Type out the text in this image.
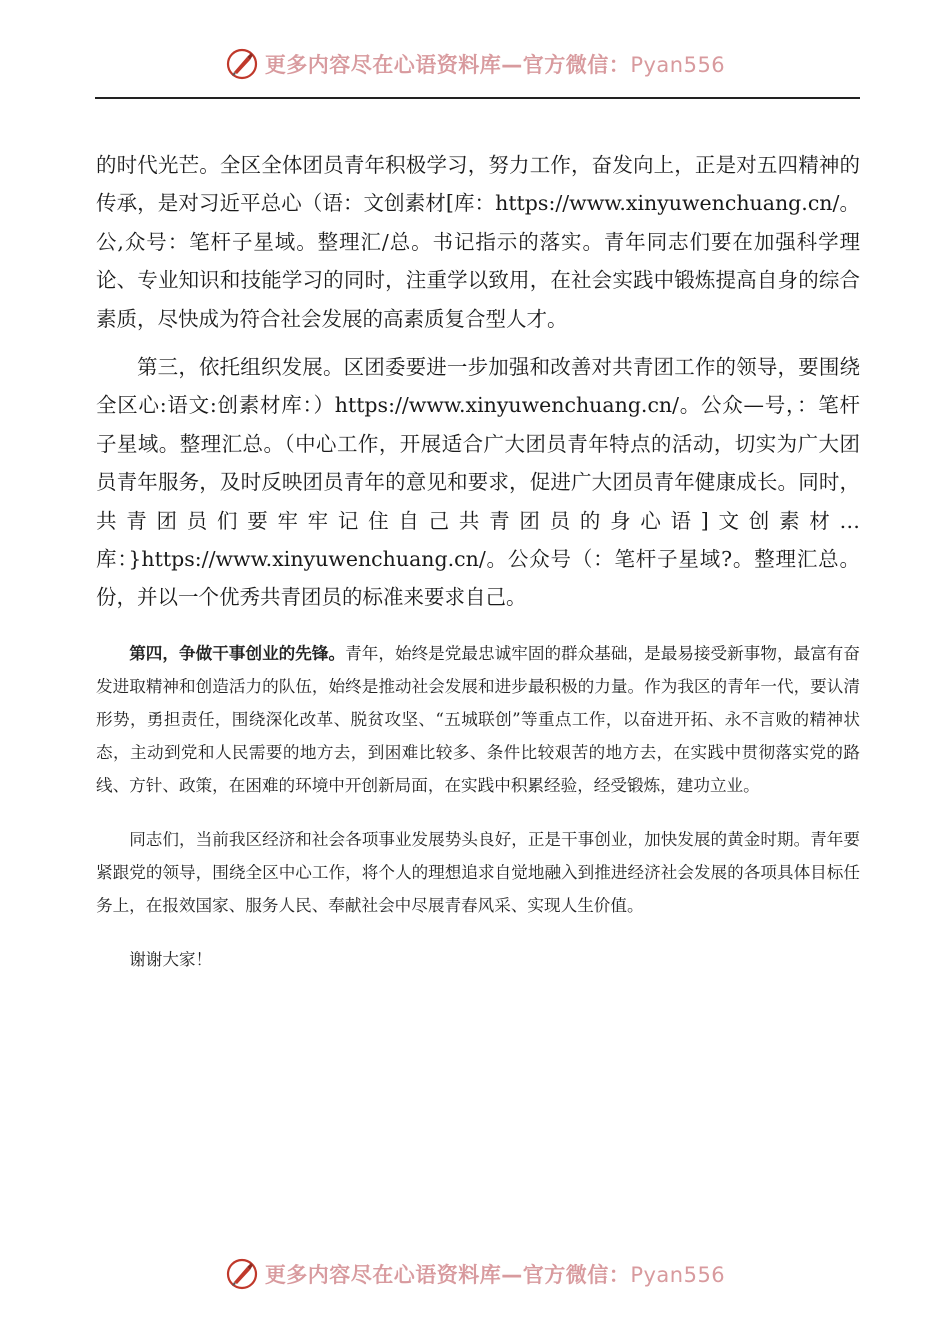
更多内容尽在心语资料库—官方微信：Pyan556

的时代光芒。全区全体团员青年积极学习，努力工作，奋发向上，正是对五四精神的传承，是对习近平总心（语：文创素材[库：https://www.xinyuwenchuang.cn/。公,众号：笔杆子星域。整理汇/总。书记指示的落实。青年同志们要在加强科学理论、专业知识和技能学习的同时，注重学以致用，在社会实践中锻炼提高自身的综合素质，尽快成为符合社会发展的高素质复合型人才。

第三，依托组织发展。区团委要进一步加强和改善对共青团工作的领导，要围绕全区心:语文:创素材库：）https://www.xinyuwenchuang.cn/。公众—号，：笔杆子星域。整理汇总。（中心工作，开展适合广大团员青年特点的活动，切实为广大团员青年服务，及时反映团员青年的意见和要求，促进广大团员青年健康成长。同时，共青团员们要牢牢记住自己共青团员的身心语]文创素材…库：}https://www.xinyuwenchuang.cn/。公众号（：笔杆子星域?。整理汇总。份，并以一个优秀共青团员的标准来要求自己。

第四，争做干事创业的先锋。青年，始终是党最忠诚牢固的群众基础，是最易接受新事物，最富有奋发进取精神和创造活力的队伍，始终是推动社会发展和进步最积极的力量。作为我区的青年一代，要认清形势，勇担责任，围绕深化改革、脱贫攻坚、“五城联创”等重点工作，以奋进开拓、永不言败的精神状态，主动到党和人民需要的地方去，到困难比较多、条件比较艰苦的地方去，在实践中贯彻落实党的路线、方针、政策，在困难的环境中开创新局面，在实践中积累经验，经受锻炼，建功立业。

同志们，当前我区经济和社会各项事业发展势头良好，正是干事创业，加快发展的黄金时期。青年要紧跟党的领导，围绕全区中心工作，将个人的理想追求自觉地融入到推进经济社会发展的各项具体目标任务上，在报效国家、服务人民、奉献社会中尽展青春风采、实现人生价值。

谢谢大家！

更多内容尽在心语资料库—官方微信：Pyan556
